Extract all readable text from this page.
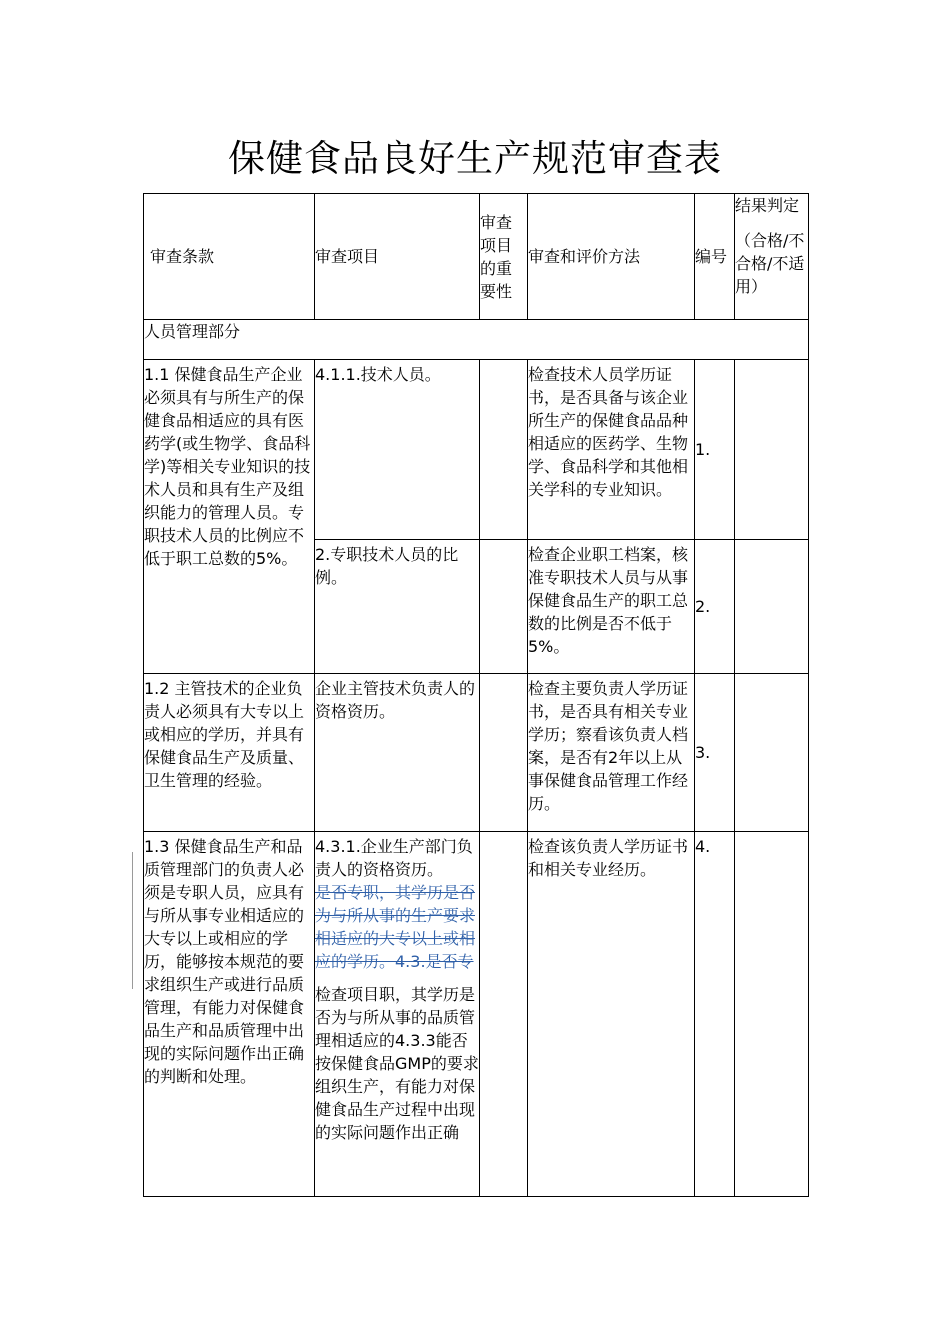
保健食品良好生产规范审查表
审查条款	审查项目	审查项目的重要性	审查和评价方法	编号	结果判定
（合格/不合格/不适用）

人员管理部分					
1.1 保健食品生产企业必须具有与所生产的保健食品相适应的具有医药学(或生物学、食品科学)等相关专业知识的技术人员和具有生产及组织能力的管理人员。专职技术人员的比例应不低于职工总数的5%。	4.1.1.技术人员。		检查技术人员学历证书，是否具备与该企业所生产的保健食品品种相适应的医药学、生物学、食品科学和其他相关学科的专业知识。	1.	
	2.专职技术人员的比例。		检查企业职工档案，核准专职技术人员与从事保健食品生产的职工总数的比例是否不低于5%。	2.	
1.2 主管技术的企业负责人必须具有大专以上或相应的学历，并具有保健食品生产及质量、卫生管理的经验。	企业主管技术负责人的资格资历。		检查主要负责人学历证书，是否具有相关专业学历；察看该负责人档案，是否有2年以上从事保健食品管理工作经历。	3.	
1.3 保健食品生产和品质管理部门的负责人必须是专职人员，应具有与所从事专业相适应的大专以上或相应的学历，能够按本规范的要求组织生产或进行品质管理，有能力对保健食品生产和品质管理中出现的实际问题作出正确的判断和处理。	4.3.1.企业生产部门负责人的资格资历。
是否专职，其学历是否为与所从事的生产要求相适应的大专以上或相应的学历。4.3.是否专
检查项目职，其学历是否为与所从事的品质管理相适应的4.3.3能否按保健食品GMP的要求组织生产，有能力对保健食品生产过程中出现的实际问题作出正确		检查该负责人学历证书和相关专业经历。	4.	
